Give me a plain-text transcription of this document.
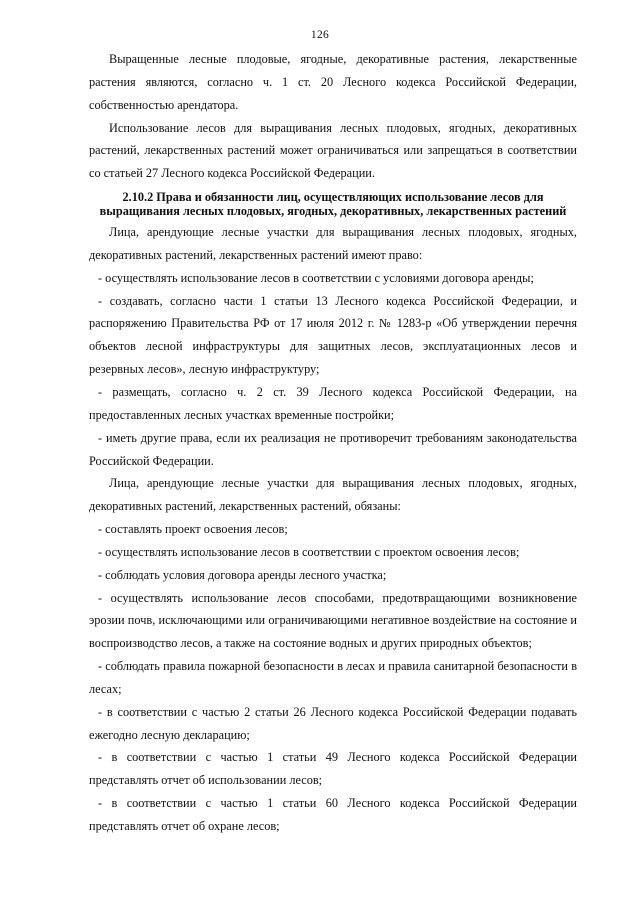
126

Выращенные лесные плодовые, ягодные, декоративные растения, лекарственные растения являются, согласно ч. 1 ст. 20 Лесного кодекса Российской Федерации, собственностью арендатора.

Использование лесов для выращивания лесных плодовых, ягодных, декоративных растений, лекарственных растений может ограничиваться или запрещаться в соответствии со статьей 27 Лесного кодекса Российской Федерации.

2.10.2 Права и обязанности лиц, осуществляющих использование лесов для выращивания лесных плодовых, ягодных, декоративных, лекарственных растений

Лица, арендующие лесные участки для выращивания лесных плодовых, ягодных, декоративных растений, лекарственных растений имеют право:

- осуществлять использование лесов в соответствии с условиями договора аренды;

- создавать, согласно части 1 статьи 13 Лесного кодекса Российской Федерации, и распоряжению Правительства РФ от 17 июля 2012 г. № 1283-р «Об утверждении перечня объектов лесной инфраструктуры для защитных лесов, эксплуатационных лесов и резервных лесов», лесную инфраструктуру;

- размещать, согласно ч. 2 ст. 39 Лесного кодекса Российской Федерации, на предоставленных лесных участках временные постройки;

- иметь другие права, если их реализация не противоречит требованиям законодательства Российской Федерации.

Лица, арендующие лесные участки для выращивания лесных плодовых, ягодных, декоративных растений, лекарственных растений, обязаны:

- составлять проект освоения лесов;

- осуществлять использование лесов в соответствии с проектом освоения лесов;

- соблюдать условия договора аренды лесного участка;

- осуществлять использование лесов способами, предотвращающими возникновение эрозии почв, исключающими или ограничивающими негативное воздействие на состояние и воспроизводство лесов, а также на состояние водных и других природных объектов;

- соблюдать правила пожарной безопасности в лесах и правила санитарной безопасности в лесах;

- в соответствии с частью 2 статьи 26 Лесного кодекса Российской Федерации подавать ежегодно лесную декларацию;

- в соответствии с частью 1 статьи 49 Лесного кодекса Российской Федерации представлять отчет об использовании лесов;

- в соответствии с частью 1 статьи 60 Лесного кодекса Российской Федерации представлять отчет об охране лесов;
